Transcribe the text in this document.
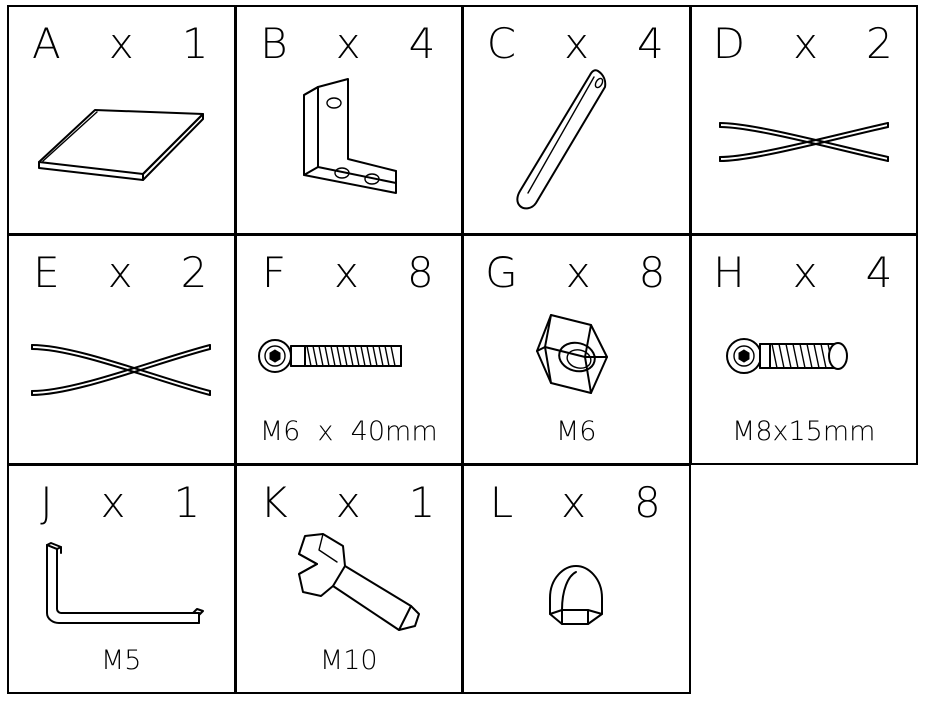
A   x   1 B   x   4 C   x   4 D   x   2
E   x   2 F   x   8
M6  x  40mm
G   x   8
M6
H   x   4
M8x15mm
J   x   1
M5
K   x   1
M10
L   x   8
